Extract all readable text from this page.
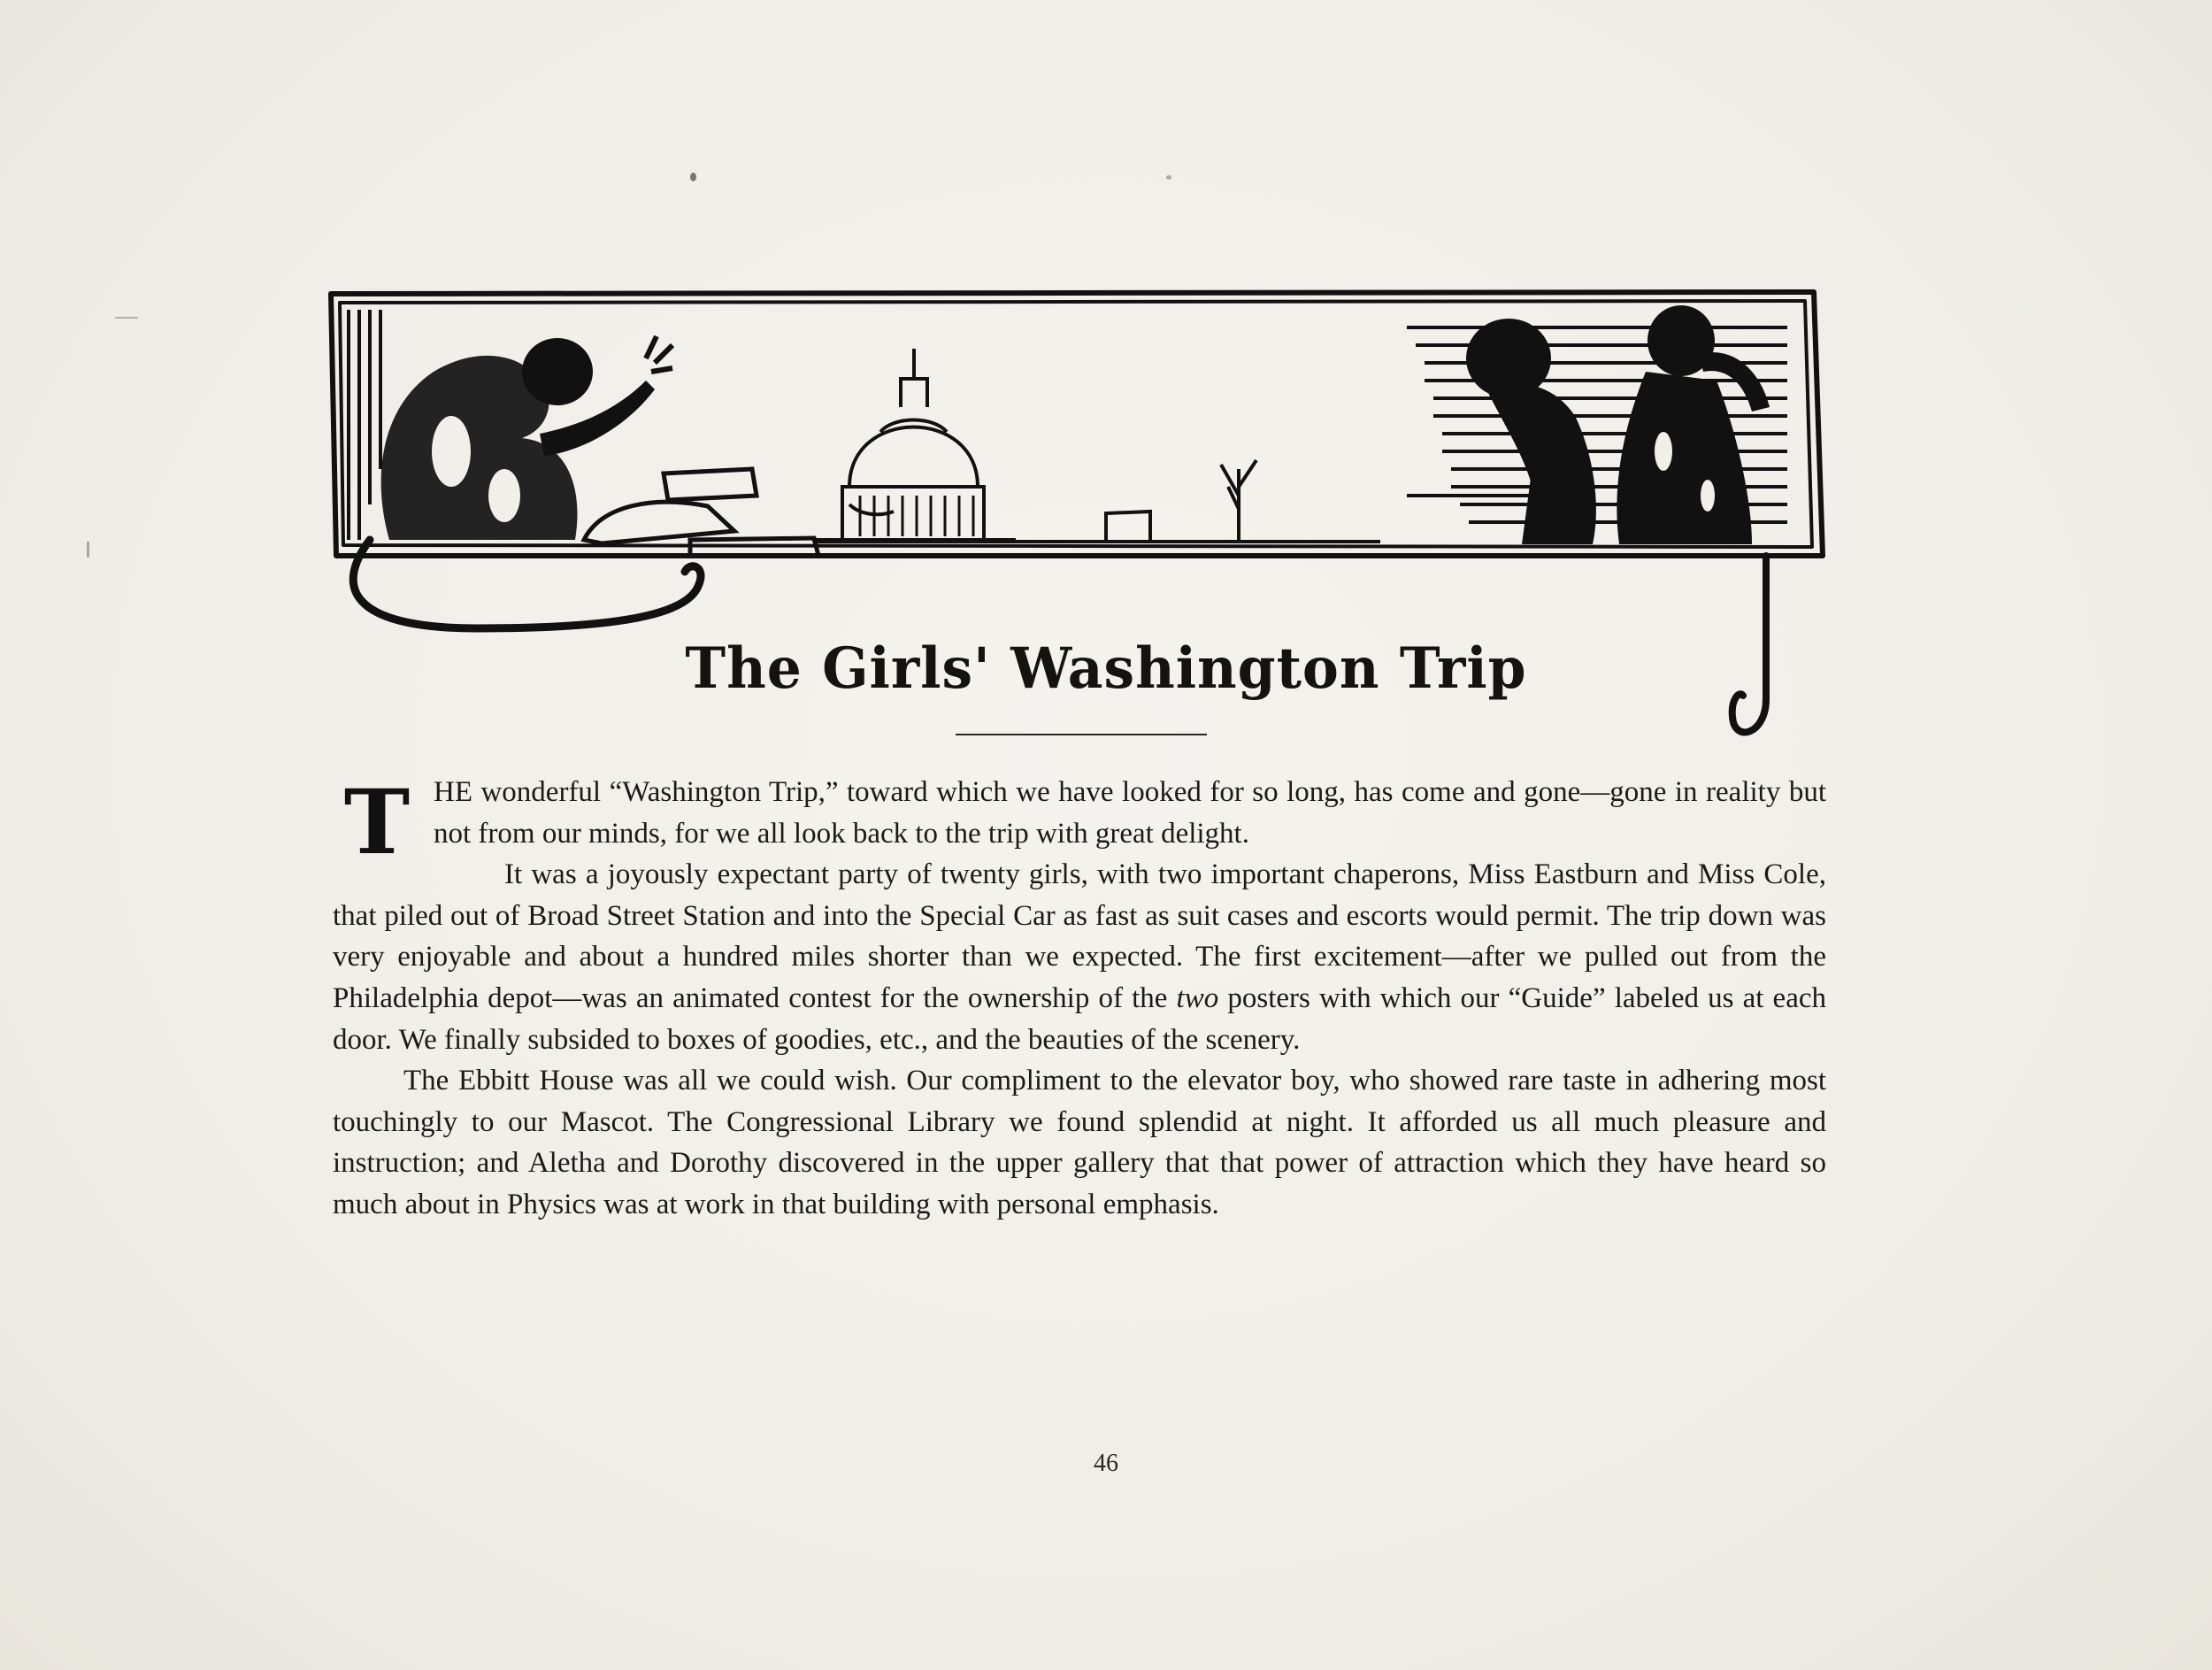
The Girls' Washington Trip

T HE wonderful “Washington Trip,” toward which we have looked for so long, has come and gone—gone in reality but not from our minds, for we all look back to the trip with great delight.

It was a joyously expectant party of twenty girls, with two important chaperons, Miss Eastburn and Miss Cole, that piled out of Broad Street Station and into the Special Car as fast as suit cases and escorts would permit. The trip down was very enjoyable and about a hundred miles shorter than we expected. The first excitement—after we pulled out from the Philadelphia depot—was an animated contest for the ownership of the two posters with which our “Guide” labeled us at each door. We finally subsided to boxes of goodies, etc., and the beauties of the scenery.

The Ebbitt House was all we could wish. Our compliment to the elevator boy, who showed rare taste in adhering most touchingly to our Mascot. The Congressional Library we found splendid at night. It afforded us all much pleasure and instruction; and Aletha and Dorothy discovered in the upper gallery that that power of attraction which they have heard so much about in Physics was at work in that building with personal emphasis.

46
